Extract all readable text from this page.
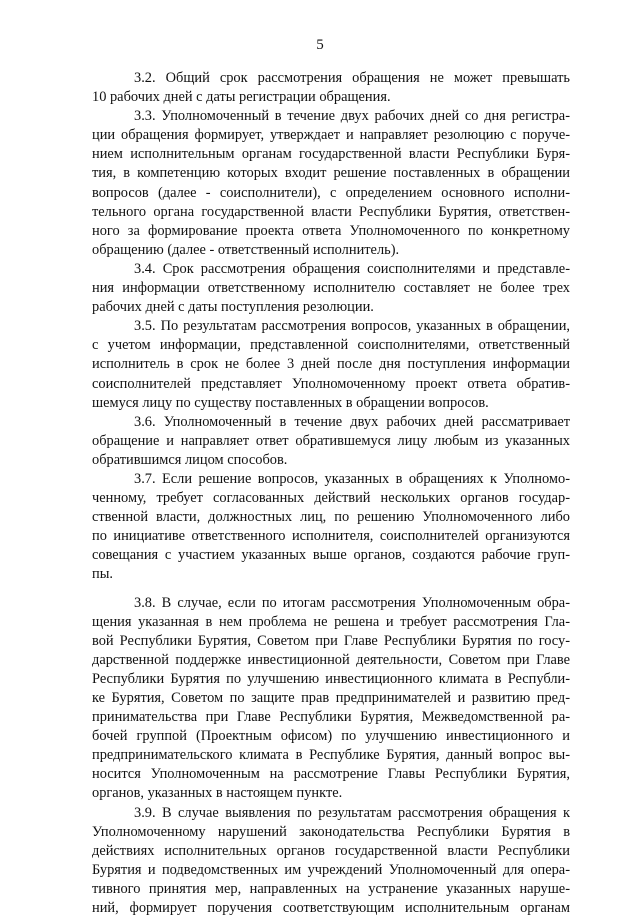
5
3.2. Общий срок рассмотрения обращения не может превышать
10 рабочих дней с даты регистрации обращения.
3.3. Уполномоченный в течение двух рабочих дней со дня регистра-
ции обращения формирует, утверждает и направляет резолюцию с поруче-
нием исполнительным органам государственной власти Республики Буря-
тия, в компетенцию которых входит решение поставленных в обращении
вопросов (далее - соисполнители), с определением основного исполни-
тельного органа государственной власти Республики Бурятия, ответствен-
ного за формирование проекта ответа Уполномоченного по конкретному
обращению (далее - ответственный исполнитель).
3.4. Срок рассмотрения обращения соисполнителями и представле-
ния информации ответственному исполнителю составляет не более трех
рабочих дней с даты поступления резолюции.
3.5. По результатам рассмотрения вопросов, указанных в обращении,
с учетом информации, представленной соисполнителями, ответственный
исполнитель в срок не более 3 дней после дня поступления информации
соисполнителей представляет Уполномоченному проект ответа обратив-
шемуся лицу по существу поставленных в обращении вопросов.
3.6. Уполномоченный в течение двух рабочих дней рассматривает
обращение и направляет ответ обратившемуся лицу любым из указанных
обратившимся лицом способов.
3.7. Если решение вопросов, указанных в обращениях к Уполномо-
ченному, требует согласованных действий нескольких органов государ-
ственной власти, должностных лиц, по решению Уполномоченного либо
по инициативе ответственного исполнителя, соисполнителей организуются
совещания с участием указанных выше органов, создаются рабочие груп-
пы.
3.8. В случае, если по итогам рассмотрения Уполномоченным обра-
щения указанная в нем проблема не решена и требует рассмотрения Гла-
вой Республики Бурятия, Советом при Главе Республики Бурятия по госу-
дарственной поддержке инвестиционной деятельности, Советом при Главе
Республики Бурятия по улучшению инвестиционного климата в Республи-
ке Бурятия, Советом по защите прав предпринимателей и развитию пред-
принимательства при Главе Республики Бурятия, Межведомственной ра-
бочей группой (Проектным офисом) по улучшению инвестиционного и
предпринимательского климата в Республике Бурятия, данный вопрос вы-
носится Уполномоченным на рассмотрение Главы Республики Бурятия,
органов, указанных в настоящем пункте.
3.9. В случае выявления по результатам рассмотрения обращения к
Уполномоченному нарушений законодательства Республики Бурятия в
действиях исполнительных органов государственной власти Республики
Бурятия и подведомственных им учреждений Уполномоченный для опера-
тивного принятия мер, направленных на устранение указанных наруше-
ний, формирует поручения соответствующим исполнительным органам
